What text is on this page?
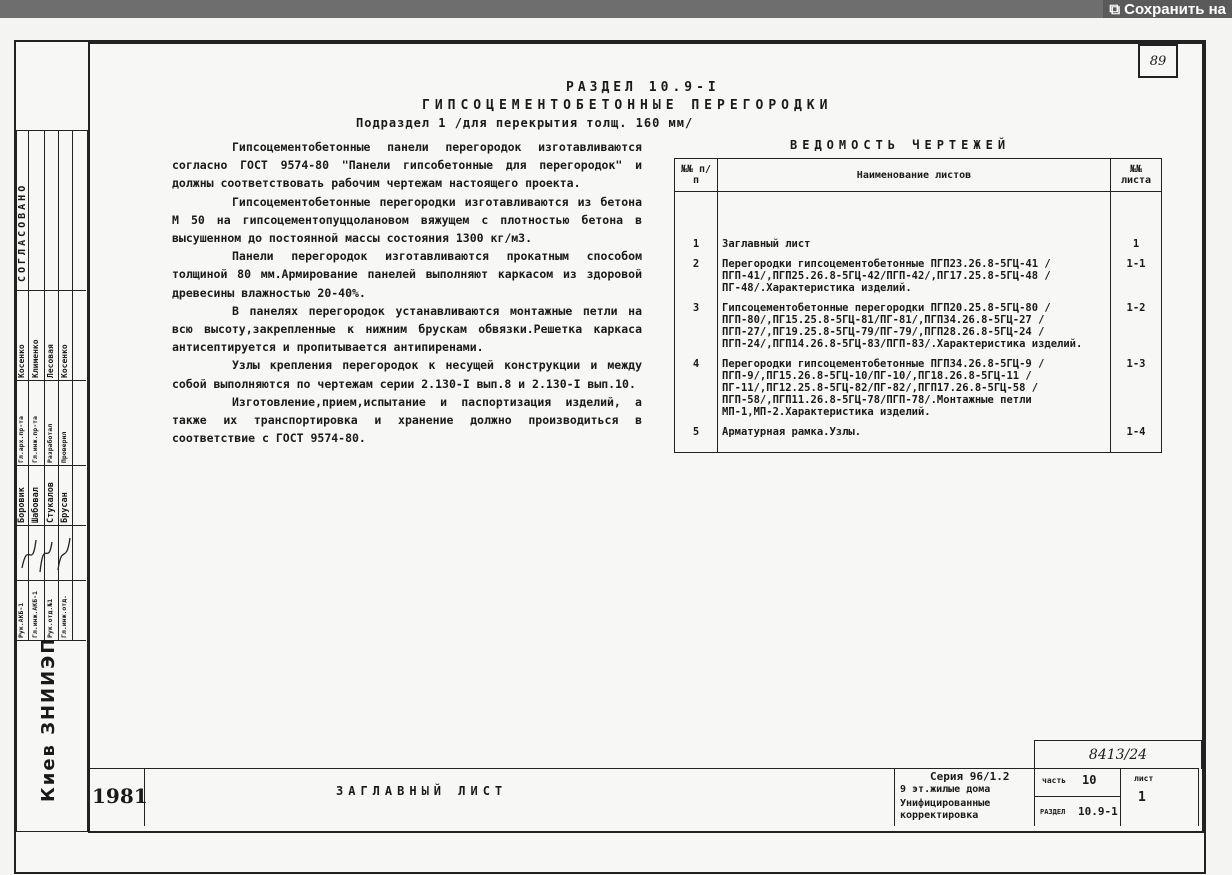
⧉ Сохранить на
89
СОГЛАСОВАНО
Косенко Клименко Лесовая Косенко
Гл.арх.пр-та Гл.инж.пр-та Разработал Проверил
Боровик Шабовал Стукалов Брусан
Рук.АКБ-1 Гл.инж.АКБ-1 Рук.отд.№1 Гл.инж.отд.
Киев ЗНИИЭП
РАЗДЕЛ 10.9-I
ГИПСОЦЕМЕНТОБЕТОННЫЕ ПЕРЕГОРОДКИ
Подраздел 1 /для перекрытия толщ. 160 мм/

Гипсоцементобетонные панели перегородок изготавливаются согласно ГОСТ 9574-80 "Панели гипсобетонные для перегородок" и должны соответствовать рабочим чертежам настоящего проекта.

Гипсоцементобетонные перегородки изготавливаются из бетона М 50 на гипсоцементопуццолановом вяжущем с плотностью бетона в высушенном до постоянной массы состояния 1300 кг/м3.

Панели перегородок изготавливаются прокатным способом толщиной 80 мм.Армирование панелей выполняют каркасом из здоровой древесины влажностью 20-40%.

В панелях перегородок устанавливаются монтажные петли на всю высоту,закрепленные к нижним брускам обвязки.Решетка каркаса антисептируется и пропитывается антипиренами.

Узлы крепления перегородок к несущей конструкции и между собой выполняются по чертежам серии 2.130-I вып.8 и 2.130-I вып.10.

Изготовление,прием,испытание и паспортизация изделий, а также их транспортировка и хранение должно производиться в соответствие с ГОСТ 9574-80.

ВЕДОМОСТЬ ЧЕРТЕЖЕЙ
№№ п/п	Наименование листов	№№ листа

1	Заглавный лист	1
2	Перегородки гипсоцементобетонные ПГП23.26.8-5ГЦ-41 /ПГП-41/,ПГП25.26.8-5ГЦ-42/ПГП-42/,ПГ17.25.8-5ГЦ-48 /ПГ-48/.Характеристика изделий.	1-1
3	Гипсоцементобетонные перегородки ПГП20.25.8-5ГЦ-80 /ПГП-80/,ПГ15.25.8-5ГЦ-81/ПГ-81/,ПГП34.26.8-5ГЦ-27 /ПГП-27/,ПГ19.25.8-5ГЦ-79/ПГ-79/,ПГП28.26.8-5ГЦ-24 /ПГП-24/,ПГП14.26.8-5ГЦ-83/ПГП-83/.Характеристика изделий.	1-2
4	Перегородки гипсоцементобетонные ПГП34.26.8-5ГЦ-9 /ПГП-9/,ПГ15.26.8-5ГЦ-10/ПГ-10/,ПГ18.26.8-5ГЦ-11 /ПГ-11/,ПГ12.25.8-5ГЦ-82/ПГ-82/,ПГП17.26.8-5ГЦ-58 /ПГП-58/,ПГП11.26.8-5ГЦ-78/ПГП-78/.Монтажные петли МП-1,МП-2.Характеристика изделий.	1-3
5	Арматурная рамка.Узлы.	1-4
8413/24
1981	ЗАГЛАВНЫЙ ЛИСТ
Серия 96/1.2
9 эт.жилые дома
Унифицированные
корректировка
часть 10
РАЗДЕЛ 10.9-1
лист
1
